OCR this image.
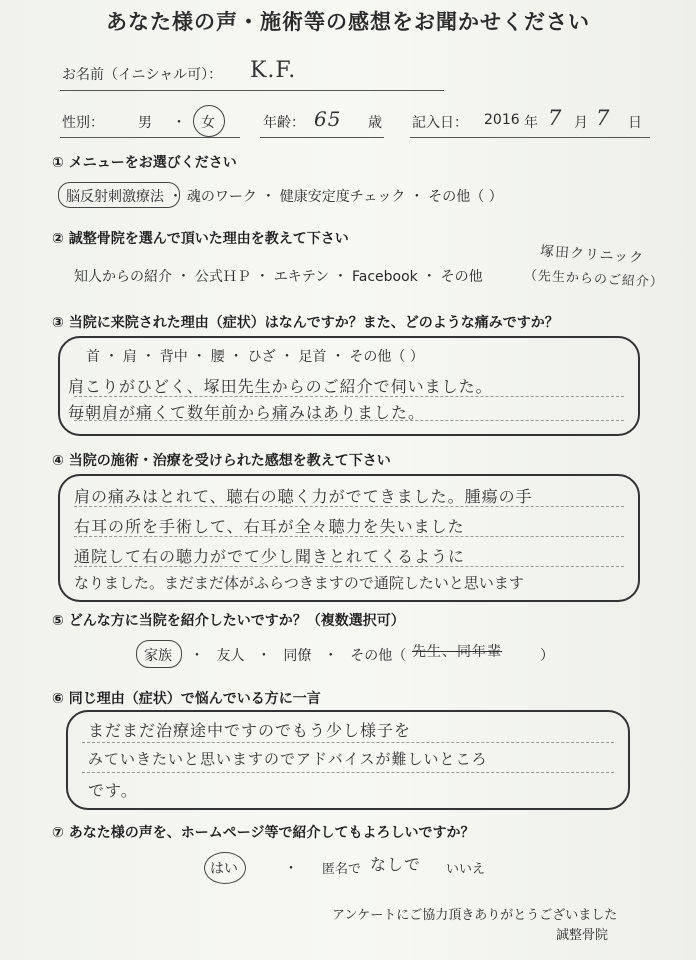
あなた様の声・施術等の感想をお聞かせください
お名前（イニシャル可）： K.F.
性別： 男 ・ 女	年齢： 65 歳 記入日： 2016 年 7 月 7 日
① メニューをお選びください
脳反射刺激療法 ・ 魂のワーク ・ 健康安定度チェック ・ その他（ ）
② 誠整骨院を選んで頂いた理由を教えて下さい
知人からの紹介 ・ 公式ＨＰ ・ エキテン ・ Facebook ・ その他
塚田クリニック
（先生からのご紹介）
③ 当院に来院された理由（症状）はなんですか？また、どのような痛みですか？
首 ・ 肩 ・ 背中 ・ 腰 ・ ひざ ・ 足首 ・ その他（ ）
肩こりがひどく、塚田先生からのご紹介で伺いました。
毎朝肩が痛くて数年前から痛みはありました。
④ 当院の施術・治療を受けられた感想を教えて下さい
肩の痛みはとれて、聴右の聴く力がでてきました。腫瘍の手
右耳の所を手術して、右耳が全々聴力を失いました
通院して右の聴力がでて少し聞きとれてくるように
なりました。まだまだ体がふらつきますので通院したいと思います
⑤ どんな方に当院を紹介したいですか？（複数選択可）
家族 ・ 友人 ・ 同僚 ・ その他（ 先生、同年輩	）
⑥ 同じ理由（症状）で悩んでいる方に一言
まだまだ治療途中ですのでもう少し様子を
みていきたいと思いますのでアドバイスが難しいところ
です。
⑦ あなた様の声を、ホームページ等で紹介してもよろしいですか？
はい	・ 匿名で なしで いいえ
アンケートにご協力頂きありがとうございました
誠整骨院
